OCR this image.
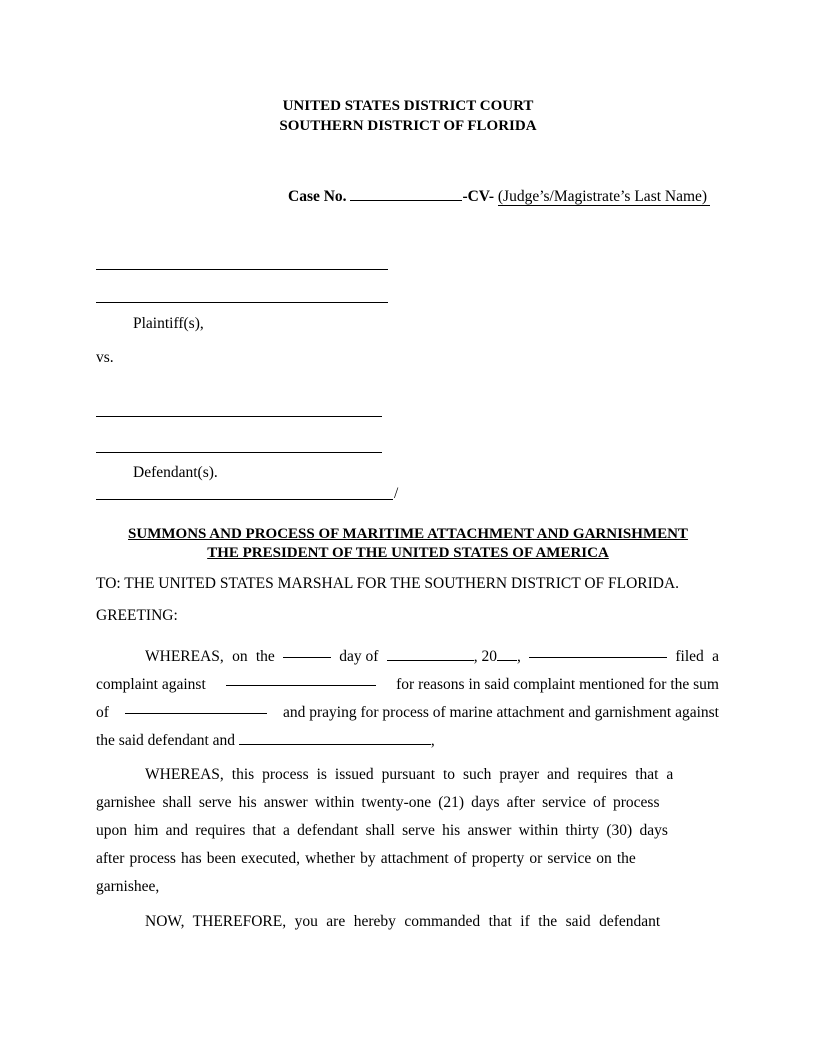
UNITED STATES DISTRICT COURT
SOUTHERN DISTRICT OF FLORIDA
Case No.	-CV- (Judge’s/Magistrate’s Last Name)
Plaintiff(s),
vs.
Defendant(s).
/
SUMMONS AND PROCESS OF MARITIME ATTACHMENT AND GARNISHMENT
THE PRESIDENT OF THE UNITED STATES OF AMERICA
TO: THE UNITED STATES MARSHAL FOR THE SOUTHERN DISTRICT OF FLORIDA.
GREETING:
WHEREAS, on the	day of	, 20 ,	filed a
complaint against	for reasons in said complaint mentioned for the sum
of	and praying for process of marine attachment and garnishment against
the said defendant and	,
WHEREAS, this process is issued pursuant to such prayer and requires that a
garnishee shall serve his answer within twenty-one (21) days after service of process
upon him and requires that a defendant shall serve his answer within thirty (30) days
after process has been executed, whether by attachment of property or service on the
garnishee,
NOW, THEREFORE, you are hereby commanded that if the said defendant
